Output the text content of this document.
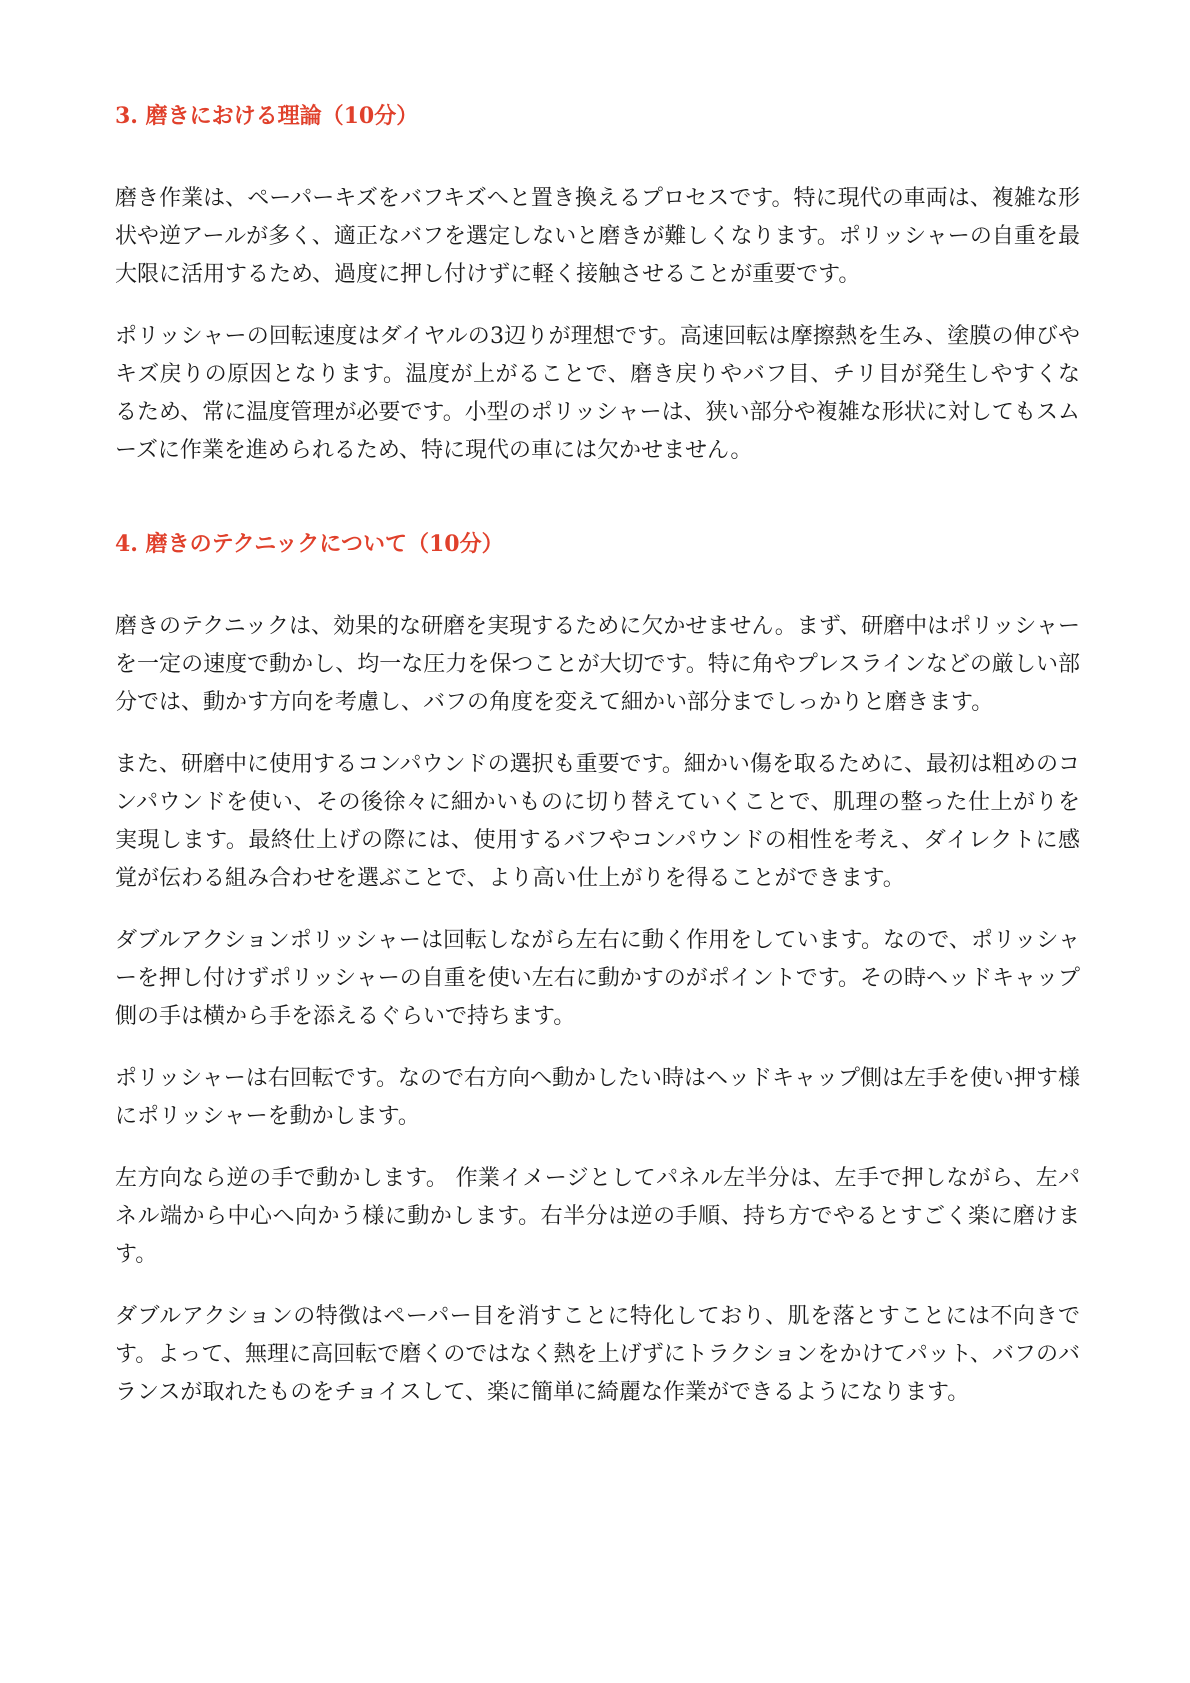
3. 磨きにおける理論（10分）

磨き作業は、ペーパーキズをバフキズへと置き換えるプロセスです。特に現代の車両は、複雑な形状や逆アールが多く、適正なバフを選定しないと磨きが難しくなります。ポリッシャーの自重を最大限に活用するため、過度に押し付けずに軽く接触させることが重要です。

ポリッシャーの回転速度はダイヤルの3辺りが理想です。高速回転は摩擦熱を生み、塗膜の伸びやキズ戻りの原因となります。温度が上がることで、磨き戻りやバフ目、チリ目が発生しやすくなるため、常に温度管理が必要です。小型のポリッシャーは、狭い部分や複雑な形状に対してもスムーズに作業を進められるため、特に現代の車には欠かせません。

4. 磨きのテクニックについて（10分）

磨きのテクニックは、効果的な研磨を実現するために欠かせません。まず、研磨中はポリッシャーを一定の速度で動かし、均一な圧力を保つことが大切です。特に角やプレスラインなどの厳しい部分では、動かす方向を考慮し、バフの角度を変えて細かい部分までしっかりと磨きます。

また、研磨中に使用するコンパウンドの選択も重要です。細かい傷を取るために、最初は粗めのコンパウンドを使い、その後徐々に細かいものに切り替えていくことで、肌理の整った仕上がりを実現します。最終仕上げの際には、使用するバフやコンパウンドの相性を考え、ダイレクトに感覚が伝わる組み合わせを選ぶことで、より高い仕上がりを得ることができます。

ダブルアクションポリッシャーは回転しながら左右に動く作用をしています。なので、ポリッシャーを押し付けずポリッシャーの自重を使い左右に動かすのがポイントです。その時ヘッドキャップ側の手は横から手を添えるぐらいで持ちます。

ポリッシャーは右回転です。なので右方向へ動かしたい時はヘッドキャップ側は左手を使い押す様にポリッシャーを動かします。

左方向なら逆の手で動かします。 作業イメージとしてパネル左半分は、左手で押しながら、左パネル端から中心へ向かう様に動かします。右半分は逆の手順、持ち方でやるとすごく楽に磨けます。

ダブルアクションの特徴はペーパー目を消すことに特化しており、肌を落とすことには不向きです。よって、無理に高回転で磨くのではなく熱を上げずにトラクションをかけてパット、バフのバランスが取れたものをチョイスして、楽に簡単に綺麗な作業ができるようになります。
